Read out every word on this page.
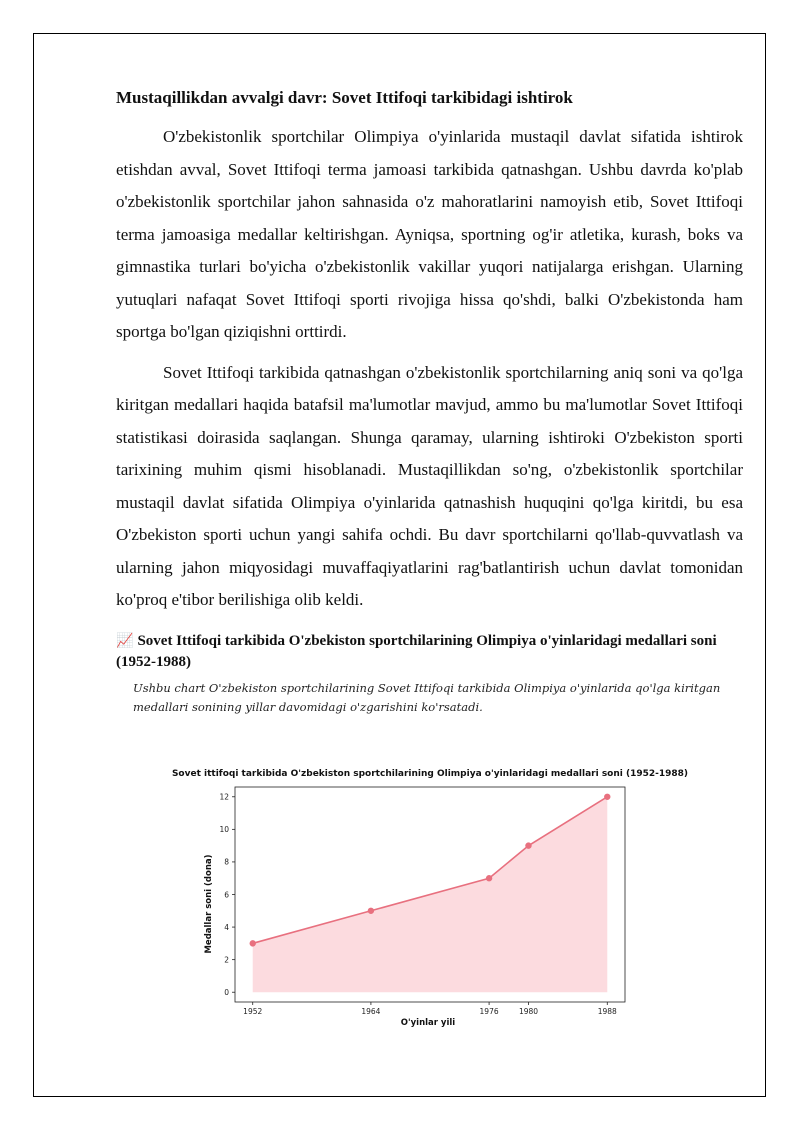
Mustaqillikdan avvalgi davr: Sovet Ittifoqi tarkibidagi ishtirok

O'zbekistonlik sportchilar Olimpiya o'yinlarida mustaqil davlat sifatida ishtirok etishdan avval, Sovet Ittifoqi terma jamoasi tarkibida qatnashgan. Ushbu davrda ko'plab o'zbekistonlik sportchilar jahon sahnasida o'z mahoratlarini namoyish etib, Sovet Ittifoqi terma jamoasiga medallar keltirishgan. Ayniqsa, sportning og'ir atletika, kurash, boks va gimnastika turlari bo'yicha o'zbekistonlik vakillar yuqori natijalarga erishgan. Ularning yutuqlari nafaqat Sovet Ittifoqi sporti rivojiga hissa qo'shdi, balki O'zbekistonda ham sportga bo'lgan qiziqishni orttirdi.

Sovet Ittifoqi tarkibida qatnashgan o'zbekistonlik sportchilarning aniq soni va qo'lga kiritgan medallari haqida batafsil ma'lumotlar mavjud, ammo bu ma'lumotlar Sovet Ittifoqi statistikasi doirasida saqlangan. Shunga qaramay, ularning ishtiroki O'zbekiston sporti tarixining muhim qismi hisoblanadi. Mustaqillikdan so'ng, o'zbekistonlik sportchilar mustaqil davlat sifatida Olimpiya o'yinlarida qatnashish huquqini qo'lga kiritdi, bu esa O'zbekiston sporti uchun yangi sahifa ochdi. Bu davr sportchilarni qo'llab-quvvatlash va ularning jahon miqyosidagi muvaffaqiyatlarini rag'batlantirish uchun davlat tomonidan ko'proq e'tibor berilishiga olib keldi.

📈 Sovet Ittifoqi tarkibida O'zbekiston sportchilarining Olimpiya o'yinlaridagi medallari soni (1952-1988)
Ushbu chart O'zbekiston sportchilarining Sovet Ittifoqi tarkibida Olimpiya o'yinlarida qo'lga kiritgan medallari sonining yillar davomidagi o'zgarishini ko'rsatadi.
Sovet ittifoqi tarkibida O'zbekiston sportchilarining Olimpiya o'yinlaridagi medallari soni (1952-1988)
0
2
4
6
8
10
12
1952	1964	1976	1980	1988
O'yinlar yili
Medallar soni (dona)
